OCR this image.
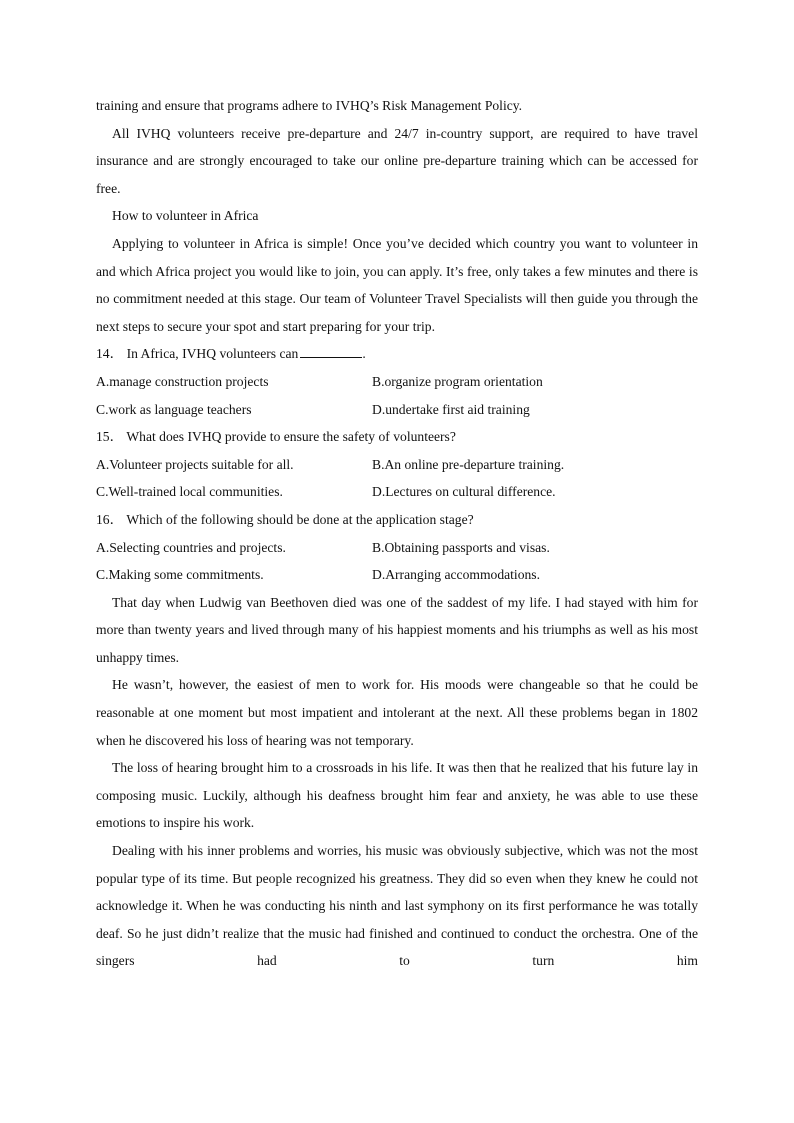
training and ensure that programs adhere to IVHQ’s Risk Management Policy.

All IVHQ volunteers receive pre-departure and 24/7 in-country support, are required to have travel insurance and are strongly encouraged to take our online pre-departure training which can be accessed for free.

How to volunteer in Africa

Applying to volunteer in Africa is simple! Once you’ve decided which country you want to volunteer in and which Africa project you would like to join, you can apply. It’s free, only takes a few minutes and there is no commitment needed at this stage. Our team of Volunteer Travel Specialists will then guide you through the next steps to secure your spot and start preparing for your trip.

14． In Africa, IVHQ volunteers can	.

A.manage construction projects	B.organize program orientation
C.work as language teachers	D.undertake first aid training

15． What does IVHQ provide to ensure the safety of volunteers?

A.Volunteer projects suitable for all.	B.An online pre-departure training.
C.Well-trained local communities.	D.Lectures on cultural difference.

16． Which of the following should be done at the application stage?

A.Selecting countries and projects.	B.Obtaining passports and visas.
C.Making some commitments.	D.Arranging accommodations.

That day when Ludwig van Beethoven died was one of the saddest of my life. I had stayed with him for more than twenty years and lived through many of his happiest moments and his triumphs as well as his most unhappy times.

He wasn’t, however, the easiest of men to work for. His moods were changeable so that he could be reasonable at one moment but most impatient and intolerant at the next. All these problems began in 1802 when he discovered his loss of hearing was not temporary.

The loss of hearing brought him to a crossroads in his life. It was then that he realized that his future lay in composing music. Luckily, although his deafness brought him fear and anxiety, he was able to use these emotions to inspire his work.

Dealing with his inner problems and worries, his music was obviously subjective, which was not the most popular type of its time. But people recognized his greatness. They did so even when they knew he could not acknowledge it. When he was conducting his ninth and last symphony on its first performance he was totally deaf. So he just didn’t realize that the music had finished and continued to conduct the orchestra. One of the singers had to turn him
